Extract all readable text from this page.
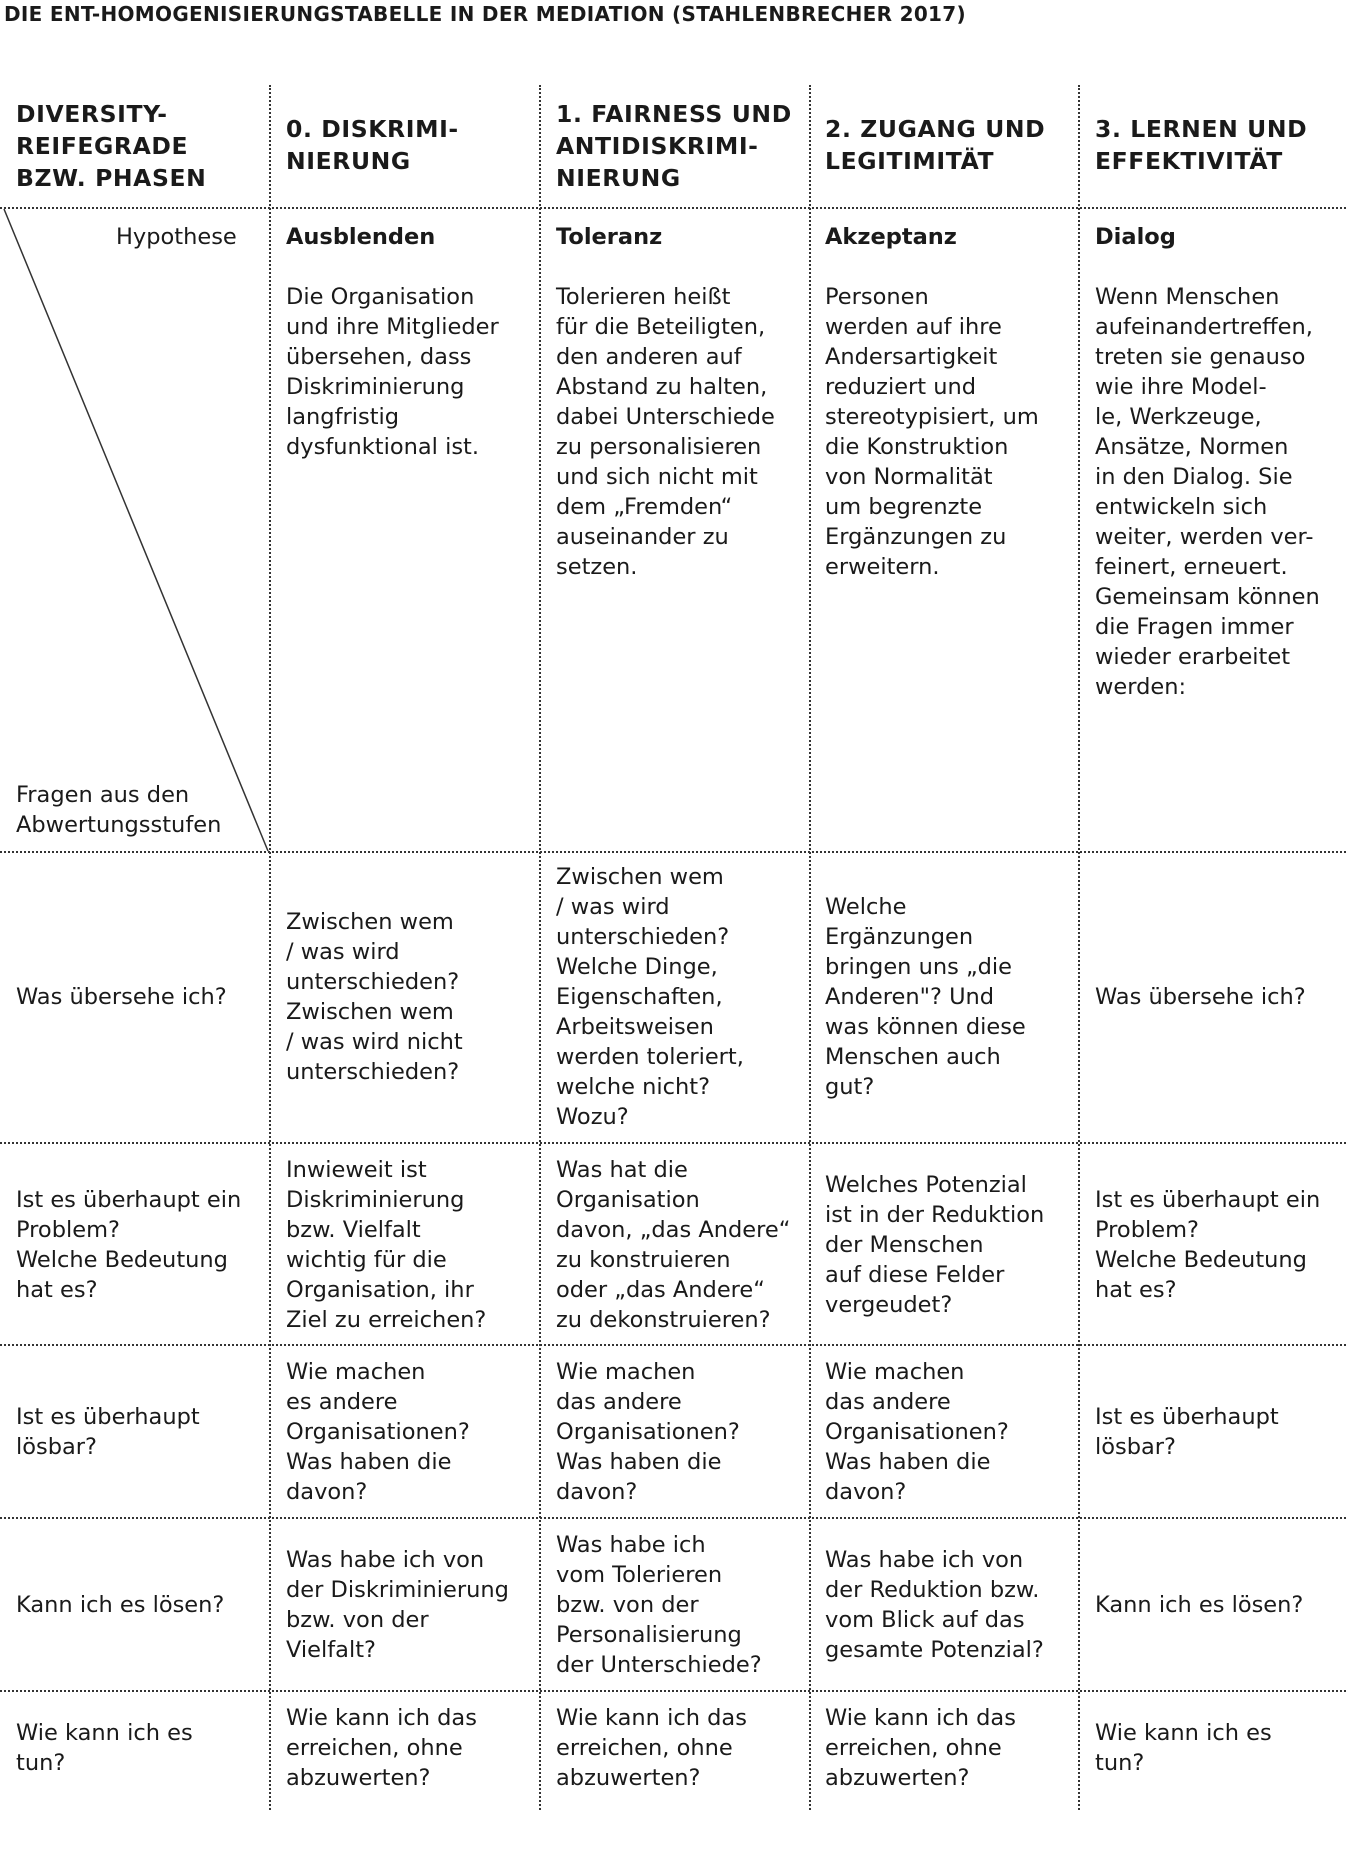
DIE ENT-HOMOGENISIERUNGSTABELLE IN DER MEDIATION (STAHLENBRECHER 2017)
DIVERSITY-
REIFEGRADE
BZW. PHASEN
0. DISKRIMI-
NIERUNG
1. FAIRNESS UND
ANTIDISKRIMI-
NIERUNG
2. ZUGANG UND
LEGITIMITÄT
3. LERNEN UND
EFFEKTIVITÄT
Hypothese
Fragen aus den
Abwertungsstufen
Ausblenden
Die Organisation
und ihre Mitglieder
übersehen, dass
Diskriminierung
langfristig
dysfunktional ist.
Toleranz
Tolerieren heißt
für die Beteiligten,
den anderen auf
Abstand zu halten,
dabei Unterschiede
zu personalisieren
und sich nicht mit
dem „Fremden“
auseinander zu
setzen.
Akzeptanz
Personen
werden auf ihre
Andersartigkeit
reduziert und
stereotypisiert, um
die Konstruktion
von Normalität
um begrenzte
Ergänzungen zu
erweitern.
Dialog
Wenn Menschen
aufeinandertreffen,
treten sie genauso
wie ihre Model-
le, Werkzeuge,
Ansätze, Normen
in den Dialog. Sie
entwickeln sich
weiter, werden ver-
feinert, erneuert.
Gemeinsam können
die Fragen immer
wieder erarbeitet
werden:
Was übersehe ich?
Zwischen wem
/ was wird
unterschieden?
Zwischen wem
/ was wird nicht
unterschieden?
Zwischen wem
/ was wird
unterschieden?
Welche Dinge,
Eigenschaften,
Arbeitsweisen
werden toleriert,
welche nicht?
Wozu?
Welche
Ergänzungen
bringen uns „die
Anderen"? Und
was können diese
Menschen auch
gut?
Was übersehe ich?
Ist es überhaupt ein
Problem?
Welche Bedeutung
hat es?
Inwieweit ist
Diskriminierung
bzw. Vielfalt
wichtig für die
Organisation, ihr
Ziel zu erreichen?
Was hat die
Organisation
davon, „das Andere“
zu konstruieren
oder „das Andere“
zu dekonstruieren?
Welches Potenzial
ist in der Reduktion
der Menschen
auf diese Felder
vergeudet?
Ist es überhaupt ein
Problem?
Welche Bedeutung
hat es?
Ist es überhaupt
lösbar?
Wie machen
es andere
Organisationen?
Was haben die
davon?
Wie machen
das andere
Organisationen?
Was haben die
davon?
Wie machen
das andere
Organisationen?
Was haben die
davon?
Ist es überhaupt
lösbar?
Kann ich es lösen?
Was habe ich von
der Diskriminierung
bzw. von der
Vielfalt?
Was habe ich
vom Tolerieren
bzw. von der
Personalisierung
der Unterschiede?
Was habe ich von
der Reduktion bzw.
vom Blick auf das
gesamte Potenzial?
Kann ich es lösen?
Wie kann ich es
tun?
Wie kann ich das
erreichen, ohne
abzuwerten?
Wie kann ich das
erreichen, ohne
abzuwerten?
Wie kann ich das
erreichen, ohne
abzuwerten?
Wie kann ich es
tun?
